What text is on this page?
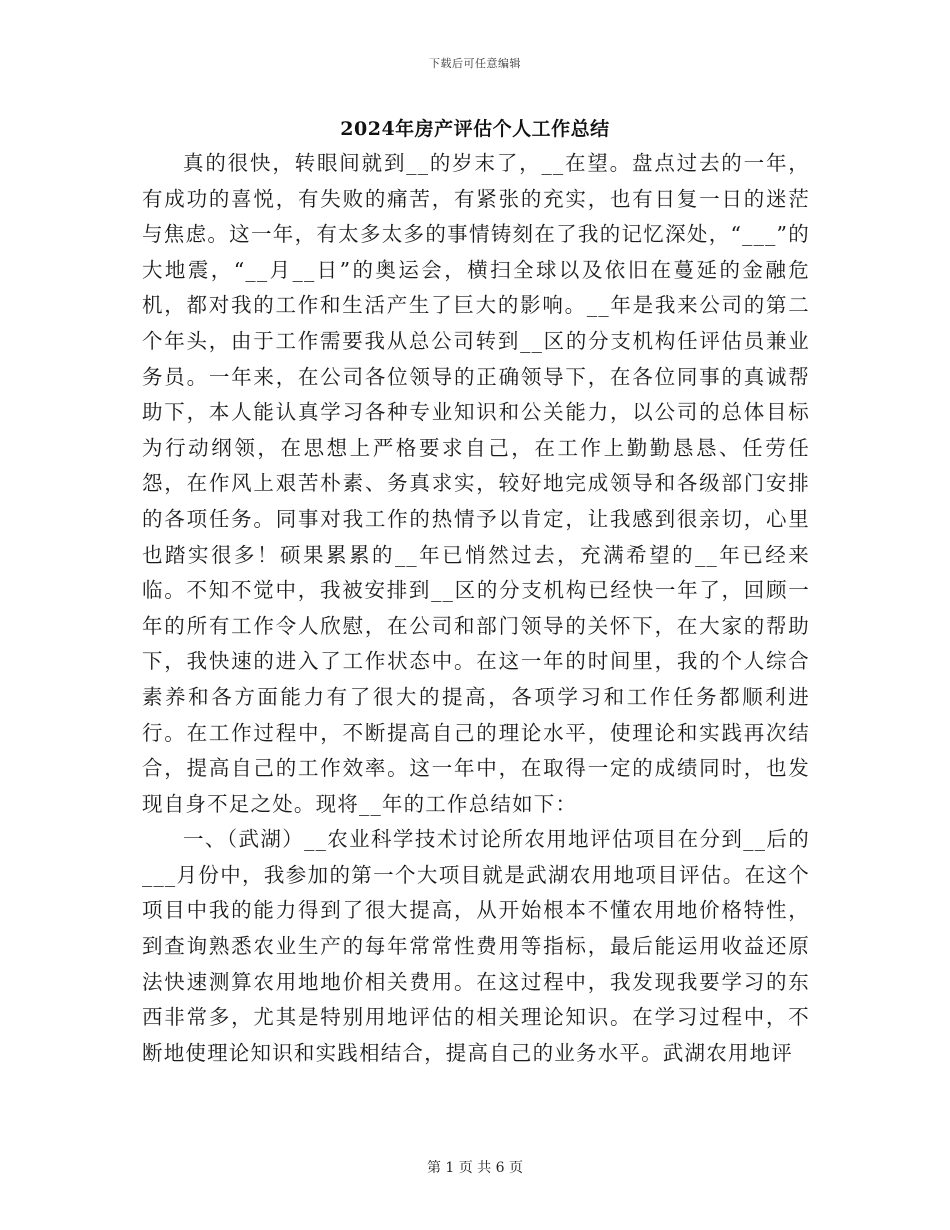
下载后可任意编辑
2024年房产评估个人工作总结

真的很快，转眼间就到__的岁末了，__在望。盘点过去的一年，有成功的喜悦，有失败的痛苦，有紧张的充实，也有日复一日的迷茫与焦虑。这一年，有太多太多的事情铸刻在了我的记忆深处，“___”的大地震，“__月__日”的奥运会，横扫全球以及依旧在蔓延的金融危机，都对我的工作和生活产生了巨大的影响。__年是我来公司的第二个年头，由于工作需要我从总公司转到__区的分支机构任评估员兼业务员。一年来，在公司各位领导的正确领导下，在各位同事的真诚帮助下，本人能认真学习各种专业知识和公关能力，以公司的总体目标为行动纲领，在思想上严格要求自己，在工作上勤勤恳恳、任劳任怨，在作风上艰苦朴素、务真求实，较好地完成领导和各级部门安排的各项任务。同事对我工作的热情予以肯定，让我感到很亲切，心里也踏实很多！硕果累累的__年已悄然过去，充满希望的__年已经来临。不知不觉中，我被安排到__区的分支机构已经快一年了，回顾一年的所有工作令人欣慰，在公司和部门领导的关怀下，在大家的帮助下，我快速的进入了工作状态中。在这一年的时间里，我的个人综合素养和各方面能力有了很大的提高，各项学习和工作任务都顺利进行。在工作过程中，不断提高自己的理论水平，使理论和实践再次结合，提高自己的工作效率。这一年中，在取得一定的成绩同时，也发现自身不足之处。现将__年的工作总结如下：

一、（武湖）__农业科学技术讨论所农用地评估项目在分到__后的___月份中，我参加的第一个大项目就是武湖农用地项目评估。在这个项目中我的能力得到了很大提高，从开始根本不懂农用地价格特性，到查询熟悉农业生产的每年常常性费用等指标，最后能运用收益还原法快速测算农用地地价相关费用。在这过程中，我发现我要学习的东西非常多，尤其是特别用地评估的相关理论知识。在学习过程中，不断地使理论知识和实践相结合，提高自己的业务水平。武湖农用地评

第 1 页 共 6 页
